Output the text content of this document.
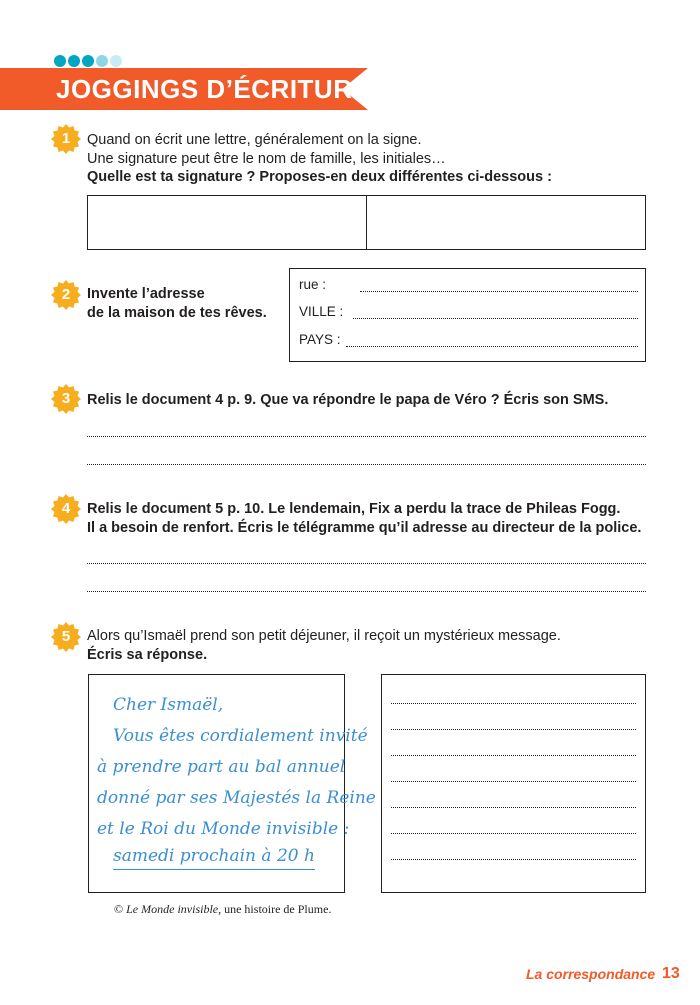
JOGGINGS D’ÉCRITURE
1	Quand on écrit une lettre, généralement on la signe.
Une signature peut être le nom de famille, les initiales…
Quelle est ta signature ? Proposes-en deux différentes ci-dessous :
2	Invente l’adresse
de la maison de tes rêves.
rue :
VILLE :
PAYS :
3	Relis le document 4 p. 9. Que va répondre le papa de Véro ? Écris son SMS.
4	Relis le document 5 p. 10. Le lendemain, Fix a perdu la trace de Phileas Fogg.
Il a besoin de renfort. Écris le télégramme qu’il adresse au directeur de la police.
5	Alors qu’Ismaël prend son petit déjeuner, il reçoit un mystérieux message.
Écris sa réponse.
Cher Ismaël,
Vous êtes cordialement invité
à prendre part au bal annuel
donné par ses Majestés la Reine
et le Roi du Monde invisible :
samedi prochain à 20 h
© Le Monde invisible, une histoire de Plume.
La correspondance 13
